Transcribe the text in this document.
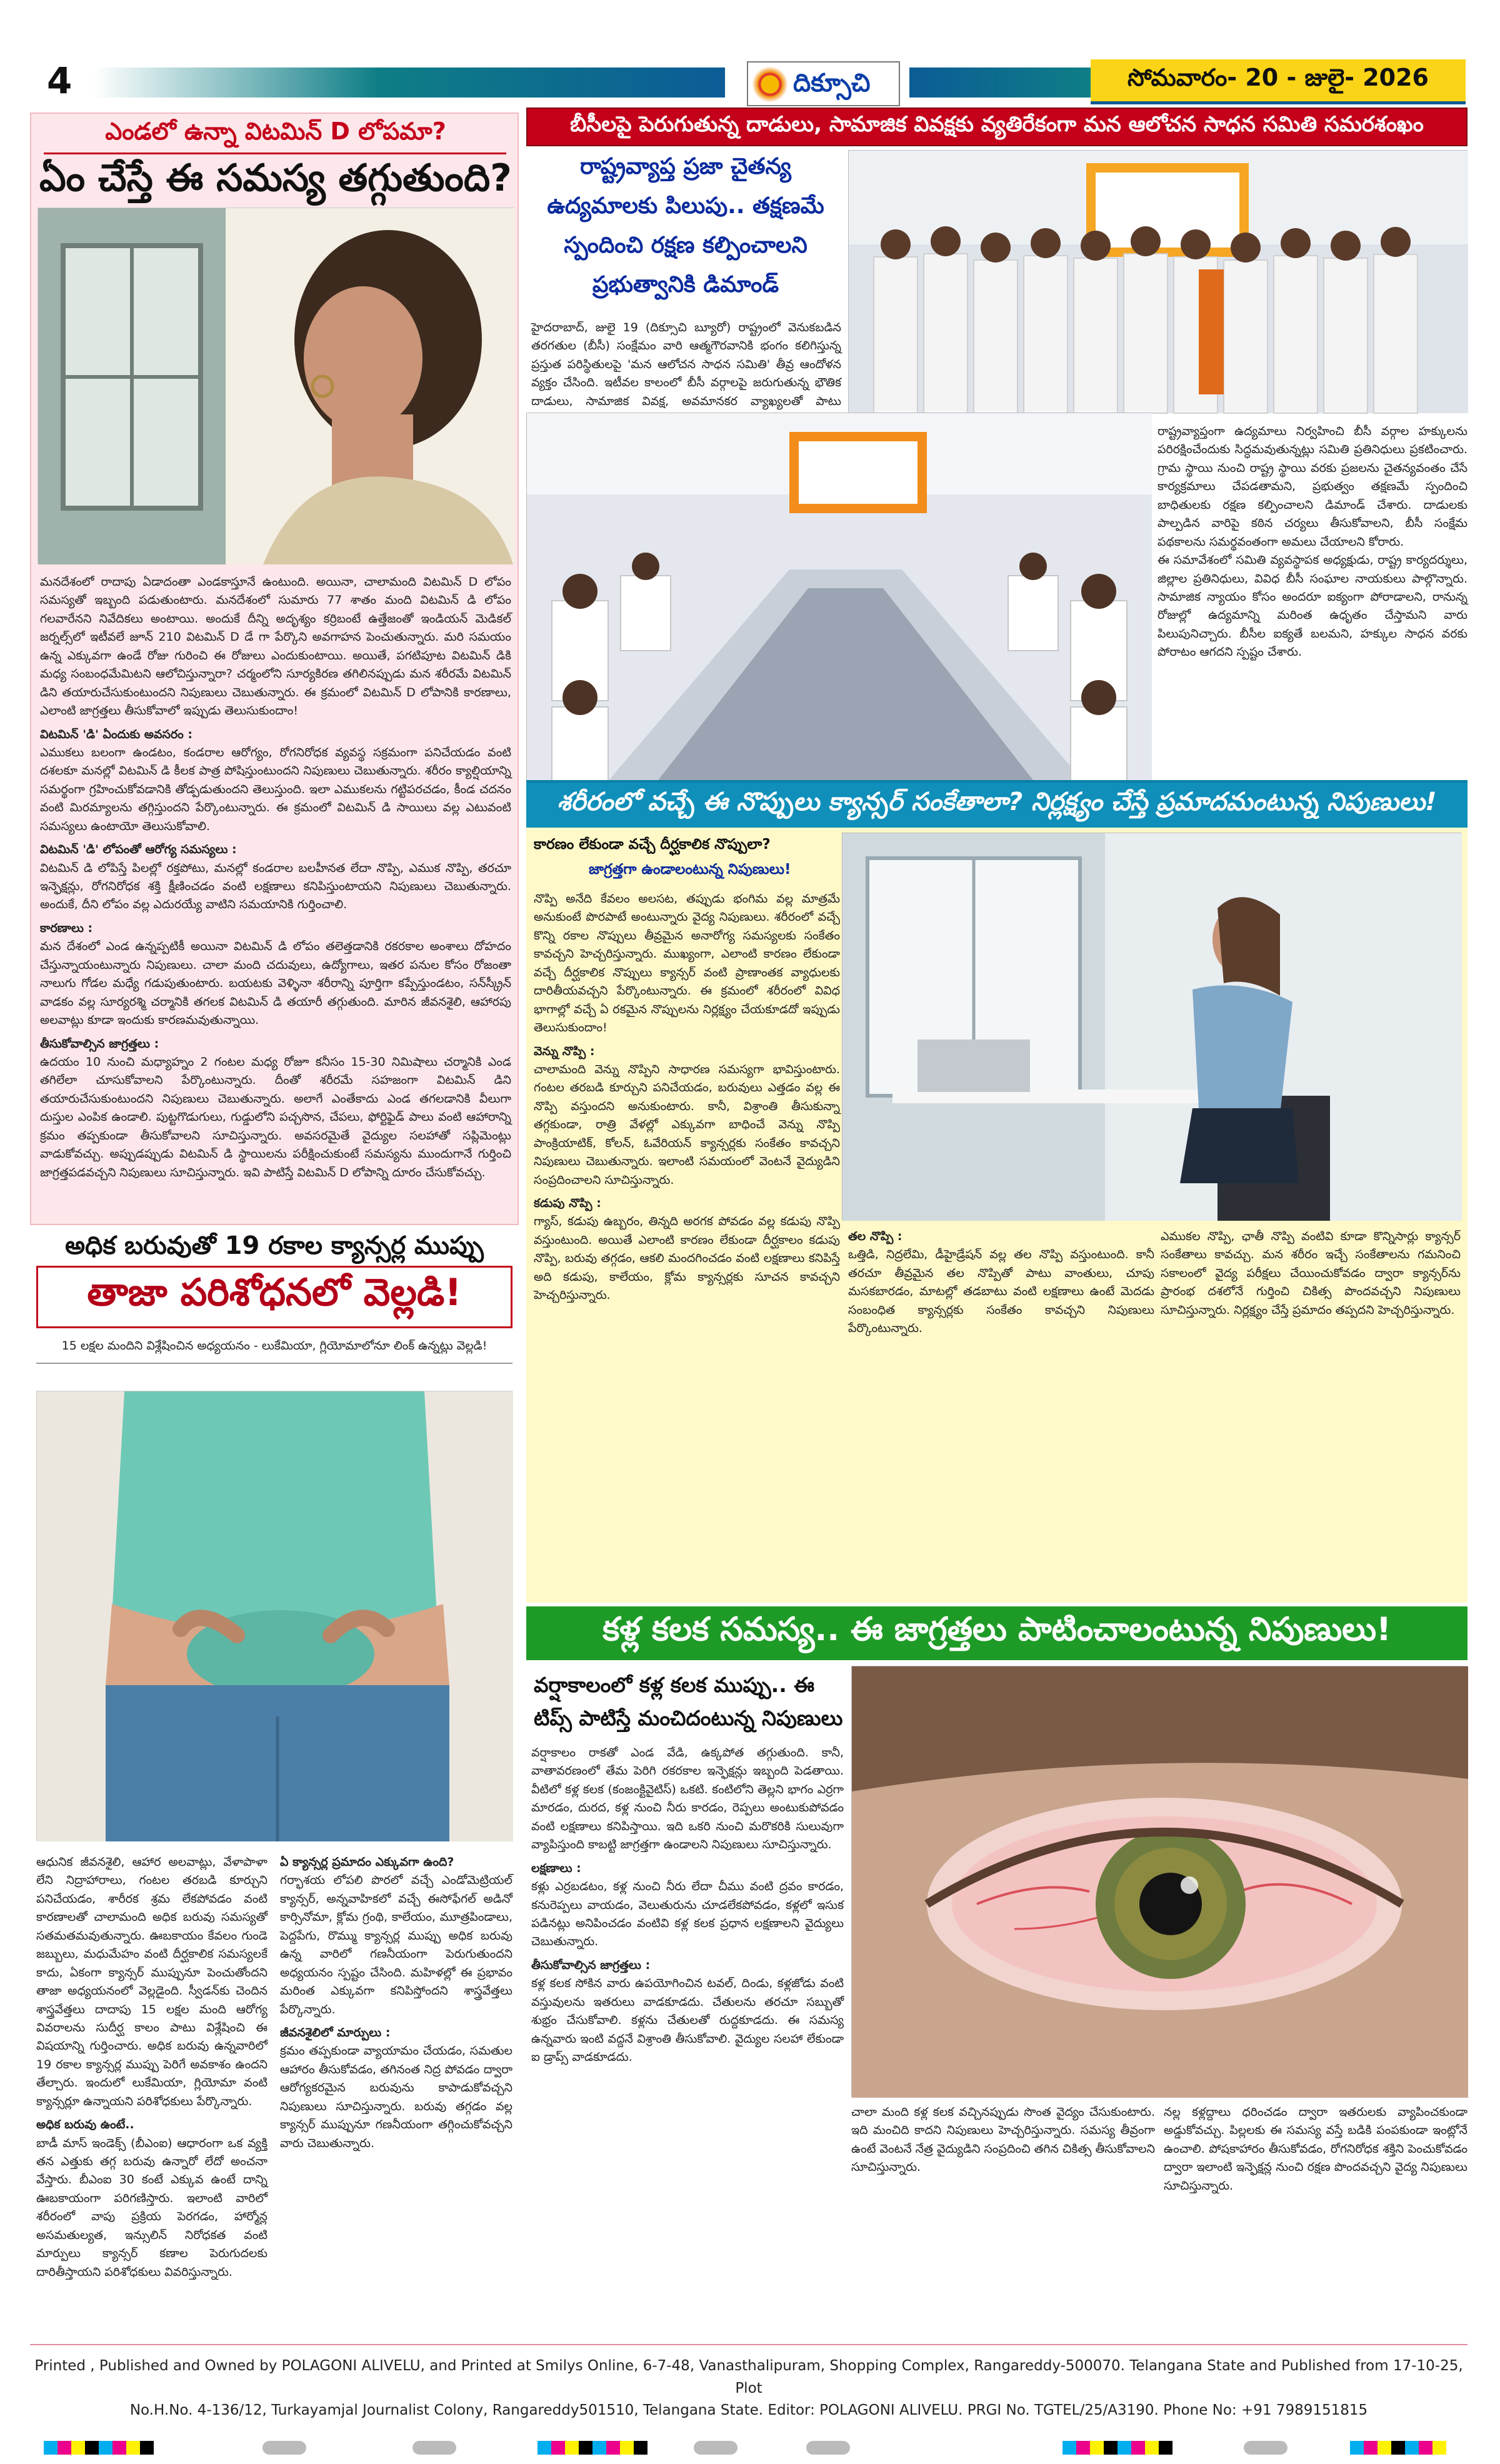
4	దిక్సూచి	సోమవారం- 20 - జులై- 2026
ఎండలో ఉన్నా విటమిన్ D లోపమా?
ఏం చేస్తే ఈ సమస్య తగ్గుతుంది?

మనదేశంలో రాదాపు ఏడాదంతా ఎండకాస్తూనే ఉంటుంది. అయినా, చాలామంది విటమిన్ D లోపం సమస్యతో ఇబ్బంది పడుతుంటారు. మనదేశంలో సుమారు 77 శాతం మంది విటమిన్ డి లోపం గలవారేనని నివేదికలు అంటాయి. అందుకే దీన్ని అదృశ్యం కర్రిబంటే ఉత్తేజంతో ఇండియన్ మెడికల్ జర్నల్స్‌లో ఇటీవలే జూన్ 210 విటమిన్ D డే గా పేర్కొని అవగాహన పెంచుతున్నారు. మరి సమయం ఉన్న ఎక్కువగా ఉండే రోజు గురించి ఈ రోజులు ఎందుకుంటాయి. అయితే, పగటిపూట విటమిన్ డికి మధ్య సంబంధమేమిటని ఆలోచిస్తున్నారా? చర్మంలోని సూర్యకిరణ తగిలినప్పుడు మన శరీరమే విటమిన్ డిని తయారుచేసుకుంటుందని నిపుణులు చెబుతున్నారు. ఈ క్రమంలో విటమిన్ D లోపానికి కారణాలు, ఎలాంటి జాగ్రత్తలు తీసుకోవాలో ఇప్పుడు తెలుసుకుందాం!

విటమిన్ 'డి' ఏందుకు అవసరం :

ఎముకలు బలంగా ఉండటం, కండరాల ఆరోగ్యం, రోగనిరోధక వ్యవస్థ సక్రమంగా పనిచేయడం వంటి దశలకూ మనల్లో విటమిన్ డి కీలక పాత్ర పోషిస్తుంటుందని నిపుణులు చెబుతున్నారు. శరీరం క్యాల్షియాన్ని సమర్థంగా గ్రహించుకోవడానికి తోడ్పడుతుందని తెలుస్తుంది. ఇలా ఎముకలను గట్టిపరచడం, కీండ చదనం వంటి మిరమ్యాలను తగ్గిస్తుందని పేర్కొంటున్నారు. ఈ క్రమంలో విటమిన్ డి సాయిలు వల్ల ఎటువంటి సమస్యలు ఉంటాయో తెలుసుకోవాలి.

విటమిన్ 'డి' లోపంతో ఆరోగ్య సమస్యలు :

విటమిన్ డి లోపిస్తే పిలల్లో రక్తపోటు, మనల్లో కండరాల బలహీనత లేదా నొప్పి, ఎముక నొప్పి, తరచూ ఇన్ఫెక్షన్లు, రోగనిరోధక శక్తి క్షీణించడం వంటి లక్షణాలు కనిపిస్తుంటాయని నిపుణులు చెబుతున్నారు. అందుకే, దీని లోపం వల్ల ఎదురయ్యే వాటిని సమయానికి గుర్తించాలి.

కారణాలు :

మన దేశంలో ఎండ ఉన్నప్పటికీ అయినా విటమిన్ డి లోపం తలెత్తడానికి రకరకాల అంశాలు దోహదం చేస్తున్నాయంటున్నారు నిపుణులు. చాలా మంది చదువులు, ఉద్యోగాలు, ఇతర పనుల కోసం రోజంతా నాలుగు గోడల మధ్యే గడుపుతుంటారు. బయటకు వెళ్ళినా శరీరాన్ని పూర్తిగా కప్పేస్తుండటం, సన్‌స్క్రీన్ వాడకం వల్ల సూర్యరశ్మి చర్మానికి తగలక విటమిన్ డి తయారీ తగ్గుతుంది. మారిన జీవనశైలి, ఆహారపు అలవాట్లు కూడా ఇందుకు కారణమవుతున్నాయి.

తీసుకోవాల్సిన జాగ్రత్తలు :

ఉదయం 10 నుంచి మధ్యాహ్నం 2 గంటల మధ్య రోజూ కనీసం 15-30 నిమిషాలు చర్మానికి ఎండ తగిలేలా చూసుకోవాలని పేర్కొంటున్నారు. దీంతో శరీరమే సహజంగా విటమిన్ డిని తయారుచేసుకుంటుందని నిపుణులు చెబుతున్నారు. అలాగే ఎంతేకాదు ఎండ తగలడానికి వీలుగా దుస్తుల ఎంపిక ఉండాలి. పుట్టగొడుగులు, గుడ్డులోని పచ్చసొన, చేపలు, ఫోర్టిఫైడ్ పాలు వంటి ఆహారాన్ని క్రమం తప్పకుండా తీసుకోవాలని సూచిస్తున్నారు. అవసరమైతే వైద్యుల సలహాతో సప్లిమెంట్లు వాడుకోవచ్చు. అప్పుడప్పుడు విటమిన్ డి స్థాయిలను పరీక్షించుకుంటే సమస్యను ముందుగానే గుర్తించి జాగ్రత్తపడవచ్చని నిపుణులు సూచిస్తున్నారు. ఇవి పాటిస్తే విటమిన్ D లోపాన్ని దూరం చేసుకోవచ్చు.

అధిక బరువుతో 19 రకాల క్యాన్సర్ల ముప్పు
తాజా పరిశోధనలో వెల్లడి!
15 లక్షల మందిని విశ్లేషించిన అధ్యయనం - లుకేమియా, గ్లియోమాలోనూ లింక్ ఉన్నట్లు వెల్లడి!

ఆధునిక జీవనశైలి, ఆహార అలవాట్లు, వేళాపాళా లేని నిద్రాహారాలు, గంటల తరబడి కూర్చుని పనిచేయడం, శారీరక శ్రమ లేకపోవడం వంటి కారణాలతో చాలామంది అధిక బరువు సమస్యతో సతమతమవుతున్నారు. ఊబకాయం కేవలం గుండె జబ్బులు, మధుమేహం వంటి దీర్ఘకాలిక సమస్యలకే కాదు, ఏకంగా క్యాన్సర్ ముప్పునూ పెంచుతోందని తాజా అధ్యయనంలో వెల్లడైంది. స్వీడన్‌కు చెందిన శాస్త్రవేత్తలు దాదాపు 15 లక్షల మంది ఆరోగ్య వివరాలను సుదీర్ఘ కాలం పాటు విశ్లేషించి ఈ విషయాన్ని గుర్తించారు. అధిక బరువు ఉన్నవారిలో 19 రకాల క్యాన్సర్ల ముప్పు పెరిగే అవకాశం ఉందని తేల్చారు. ఇందులో లుకేమియా, గ్లియోమా వంటి క్యాన్సర్లూ ఉన్నాయని పరిశోధకులు పేర్కొన్నారు.

అధిక బరువు ఉంటే..

బాడీ మాస్ ఇండెక్స్ (బీఎంఐ) ఆధారంగా ఒక వ్యక్తి తన ఎత్తుకు తగ్గ బరువు ఉన్నారో లేదో అంచనా వేస్తారు. బీఎంఐ 30 కంటే ఎక్కువ ఉంటే దాన్ని ఊబకాయంగా పరిగణిస్తారు. ఇలాంటి వారిలో శరీరంలో వాపు ప్రక్రియ పెరగడం, హార్మోన్ల అసమతుల్యత, ఇన్సులిన్ నిరోధకత వంటి మార్పులు క్యాన్సర్ కణాల పెరుగుదలకు దారితీస్తాయని పరిశోధకులు వివరిస్తున్నారు.

ఏ క్యాన్సర్ల ప్రమాదం ఎక్కువగా ఉంది?

గర్భాశయ లోపలి పొరలో వచ్చే ఎండోమెట్రియల్ క్యాన్సర్, అన్నవాహికలో వచ్చే ఈసోఫేగల్ అడినో కార్సినోమా, క్లోమ గ్రంథి, కాలేయం, మూత్రపిండాలు, పెద్దపేగు, రొమ్ము క్యాన్సర్ల ముప్పు అధిక బరువు ఉన్న వారిలో గణనీయంగా పెరుగుతుందని అధ్యయనం స్పష్టం చేసింది. మహిళల్లో ఈ ప్రభావం మరింత ఎక్కువగా కనిపిస్తోందని శాస్త్రవేత్తలు పేర్కొన్నారు.

జీవనశైలిలో మార్పులు :

క్రమం తప్పకుండా వ్యాయామం చేయడం, సమతుల ఆహారం తీసుకోవడం, తగినంత నిద్ర పోవడం ద్వారా ఆరోగ్యకరమైన బరువును కాపాడుకోవచ్చని నిపుణులు సూచిస్తున్నారు. బరువు తగ్గడం వల్ల క్యాన్సర్ ముప్పునూ గణనీయంగా తగ్గించుకోవచ్చని వారు చెబుతున్నారు.

బీసీలపై పెరుగుతున్న దాడులు, సామాజిక వివక్షకు వ్యతిరేకంగా మన ఆలోచన సాధన సమితి సమరశంఖం
రాష్ట్రవ్యాప్త ప్రజా చైతన్య ఉద్యమాలకు పిలుపు.. తక్షణమే స్పందించి రక్షణ కల్పించాలని ప్రభుత్వానికి డిమాండ్
హైదరాబాద్, జులై 19 (దిక్సూచి బ్యూరో) రాష్ట్రంలో వెనుకబడిన తరగతుల (బీసీ) సంక్షేమం వారి ఆత్మగౌరవానికి భంగం కలిగిస్తున్న ప్రస్తుత పరిస్థితులపై 'మన ఆలోచన సాధన సమితి' తీవ్ర ఆందోళన వ్యక్తం చేసింది. ఇటీవల కాలంలో బీసీ వర్గాలపై జరుగుతున్న భౌతిక దాడులు, సామాజిక వివక్ష, అవమానకర వ్యాఖ్యలతో పాటు

రాష్ట్రవ్యాప్తంగా ఉద్యమాలు నిర్వహించి బీసీ వర్గాల హక్కులను పరిరక్షించేందుకు సిద్ధమవుతున్నట్లు సమితి ప్రతినిధులు ప్రకటించారు. గ్రామ స్థాయి నుంచి రాష్ట్ర స్థాయి వరకు ప్రజలను చైతన్యవంతం చేసే కార్యక్రమాలు చేపడతామని, ప్రభుత్వం తక్షణమే స్పందించి బాధితులకు రక్షణ కల్పించాలని డిమాండ్ చేశారు. దాడులకు పాల్పడిన వారిపై కఠిన చర్యలు తీసుకోవాలని, బీసీ సంక్షేమ పథకాలను సమర్థవంతంగా అమలు చేయాలని కోరారు.

ఈ సమావేశంలో సమితి వ్యవస్థాపక అధ్యక్షుడు, రాష్ట్ర కార్యదర్శులు, జిల్లాల ప్రతినిధులు, వివిధ బీసీ సంఘాల నాయకులు పాల్గొన్నారు. సామాజిక న్యాయం కోసం అందరూ ఐక్యంగా పోరాడాలని, రానున్న రోజుల్లో ఉద్యమాన్ని మరింత ఉధృతం చేస్తామని వారు పిలుపునిచ్చారు. బీసీల ఐక్యతే బలమని, హక్కుల సాధన వరకు పోరాటం ఆగదని స్పష్టం చేశారు.

శరీరంలో వచ్చే ఈ నొప్పులు క్యాన్సర్ సంకేతాలా? నిర్లక్ష్యం చేస్తే ప్రమాదమంటున్న నిపుణులు!
కారణం లేకుండా వచ్చే దీర్ఘకాలిక నొప్పులా?
జాగ్రత్తగా ఉండాలంటున్న నిపుణులు!

నొప్పి అనేది కేవలం అలసట, తప్పుడు భంగిమ వల్ల మాత్రమే అనుకుంటే పొరపాటే అంటున్నారు వైద్య నిపుణులు. శరీరంలో వచ్చే కొన్ని రకాల నొప్పులు తీవ్రమైన అనారోగ్య సమస్యలకు సంకేతం కావచ్చని హెచ్చరిస్తున్నారు. ముఖ్యంగా, ఎలాంటి కారణం లేకుండా వచ్చే దీర్ఘకాలిక నొప్పులు క్యాన్సర్ వంటి ప్రాణాంతక వ్యాధులకు దారితీయవచ్చని పేర్కొంటున్నారు. ఈ క్రమంలో శరీరంలో వివిధ భాగాల్లో వచ్చే ఏ రకమైన నొప్పులను నిర్లక్ష్యం చేయకూడదో ఇప్పుడు తెలుసుకుందాం!

వెన్ను నొప్పి :

చాలామంది వెన్ను నొప్పిని సాధారణ సమస్యగా భావిస్తుంటారు. గంటల తరబడి కూర్చుని పనిచేయడం, బరువులు ఎత్తడం వల్ల ఈ నొప్పి వస్తుందని అనుకుంటారు. కానీ, విశ్రాంతి తీసుకున్నా తగ్గకుండా, రాత్రి వేళల్లో ఎక్కువగా బాధించే వెన్ను నొప్పి పాంక్రియాటిక్, కోలన్, ఓవేరియన్ క్యాన్సర్లకు సంకేతం కావచ్చని నిపుణులు చెబుతున్నారు. ఇలాంటి సమయంలో వెంటనే వైద్యుడిని సంప్రదించాలని సూచిస్తున్నారు.

కడుపు నొప్పి :

గ్యాస్, కడుపు ఉబ్బరం, తిన్నది అరగక పోవడం వల్ల కడుపు నొప్పి వస్తుంటుంది. అయితే ఎలాంటి కారణం లేకుండా దీర్ఘకాలం కడుపు నొప్పి, బరువు తగ్గడం, ఆకలి మందగించడం వంటి లక్షణాలు కనిపిస్తే అది కడుపు, కాలేయం, క్లోమ క్యాన్సర్లకు సూచన కావచ్చని హెచ్చరిస్తున్నారు.

తల నొప్పి :

ఒత్తిడి, నిద్రలేమి, డీహైడ్రేషన్ వల్ల తల నొప్పి వస్తుంటుంది. కానీ తరచూ తీవ్రమైన తల నొప్పితో పాటు వాంతులు, చూపు మసకబారడం, మాటల్లో తడబాటు వంటి లక్షణాలు ఉంటే మెదడు సంబంధిత క్యాన్సర్లకు సంకేతం కావచ్చని నిపుణులు పేర్కొంటున్నారు.

ఎముకల నొప్పి, ఛాతీ నొప్పి వంటివి కూడా కొన్నిసార్లు క్యాన్సర్ సంకేతాలు కావచ్చు. మన శరీరం ఇచ్చే సంకేతాలను గమనించి సకాలంలో వైద్య పరీక్షలు చేయించుకోవడం ద్వారా క్యాన్సర్‌ను ప్రారంభ దశలోనే గుర్తించి చికిత్స పొందవచ్చని నిపుణులు సూచిస్తున్నారు. నిర్లక్ష్యం చేస్తే ప్రమాదం తప్పదని హెచ్చరిస్తున్నారు.
కళ్ల కలక సమస్య.. ఈ జాగ్రత్తలు పాటించాలంటున్న నిపుణులు!
వర్షాకాలంలో కళ్ల కలక ముప్పు.. ఈ టిప్స్ పాటిస్తే మంచిదంటున్న నిపుణులు

వర్షాకాలం రాకతో ఎండ వేడి, ఉక్కపోత తగ్గుతుంది. కానీ, వాతావరణంలో తేమ పెరిగి రకరకాల ఇన్ఫెక్షన్లు ఇబ్బంది పెడతాయి. వీటిలో కళ్ల కలక (కంజంక్టివైటిస్) ఒకటి. కంటిలోని తెల్లని భాగం ఎర్రగా మారడం, దురద, కళ్ల నుంచి నీరు కారడం, రెప్పలు అంటుకుపోవడం వంటి లక్షణాలు కనిపిస్తాయి. ఇది ఒకరి నుంచి మరొకరికి సులువుగా వ్యాపిస్తుంది కాబట్టి జాగ్రత్తగా ఉండాలని నిపుణులు సూచిస్తున్నారు.

లక్షణాలు :

కళ్లు ఎర్రబడటం, కళ్ల నుంచి నీరు లేదా చీము వంటి ద్రవం కారడం, కనురెప్పలు వాయడం, వెలుతురును చూడలేకపోవడం, కళ్లలో ఇసుక పడినట్లు అనిపించడం వంటివి కళ్ల కలక ప్రధాన లక్షణాలని వైద్యులు చెబుతున్నారు.

తీసుకోవాల్సిన జాగ్రత్తలు :

కళ్ల కలక సోకిన వారు ఉపయోగించిన టవల్, దిండు, కళ్లజోడు వంటి వస్తువులను ఇతరులు వాడకూడదు. చేతులను తరచూ సబ్బుతో శుభ్రం చేసుకోవాలి. కళ్లను చేతులతో రుద్దకూడదు. ఈ సమస్య ఉన్నవారు ఇంటి వద్దనే విశ్రాంతి తీసుకోవాలి. వైద్యుల సలహా లేకుండా ఐ డ్రాప్స్ వాడకూడదు.

చాలా మంది కళ్ల కలక వచ్చినప్పుడు సొంత వైద్యం చేసుకుంటారు. ఇది మంచిది కాదని నిపుణులు హెచ్చరిస్తున్నారు. సమస్య తీవ్రంగా ఉంటే వెంటనే నేత్ర వైద్యుడిని సంప్రదించి తగిన చికిత్స తీసుకోవాలని సూచిస్తున్నారు.
నల్ల కళ్లద్దాలు ధరించడం ద్వారా ఇతరులకు వ్యాపించకుండా అడ్డుకోవచ్చు. పిల్లలకు ఈ సమస్య వస్తే బడికి పంపకుండా ఇంట్లోనే ఉంచాలి. పోషకాహారం తీసుకోవడం, రోగనిరోధక శక్తిని పెంచుకోవడం ద్వారా ఇలాంటి ఇన్ఫెక్షన్ల నుంచి రక్షణ పొందవచ్చని వైద్య నిపుణులు సూచిస్తున్నారు.
Printed , Published and Owned by POLAGONI ALIVELU, and Printed at Smilys Online, 6-7-48, Vanasthalipuram, Shopping Complex, Rangareddy-500070. Telangana State and Published from 17-10-25, Plot
No.H.No. 4-136/12, Turkayamjal Journalist Colony, Rangareddy501510, Telangana State. Editor: POLAGONI ALIVELU. PRGI No. TGTEL/25/A3190. Phone No: +91 7989151815
